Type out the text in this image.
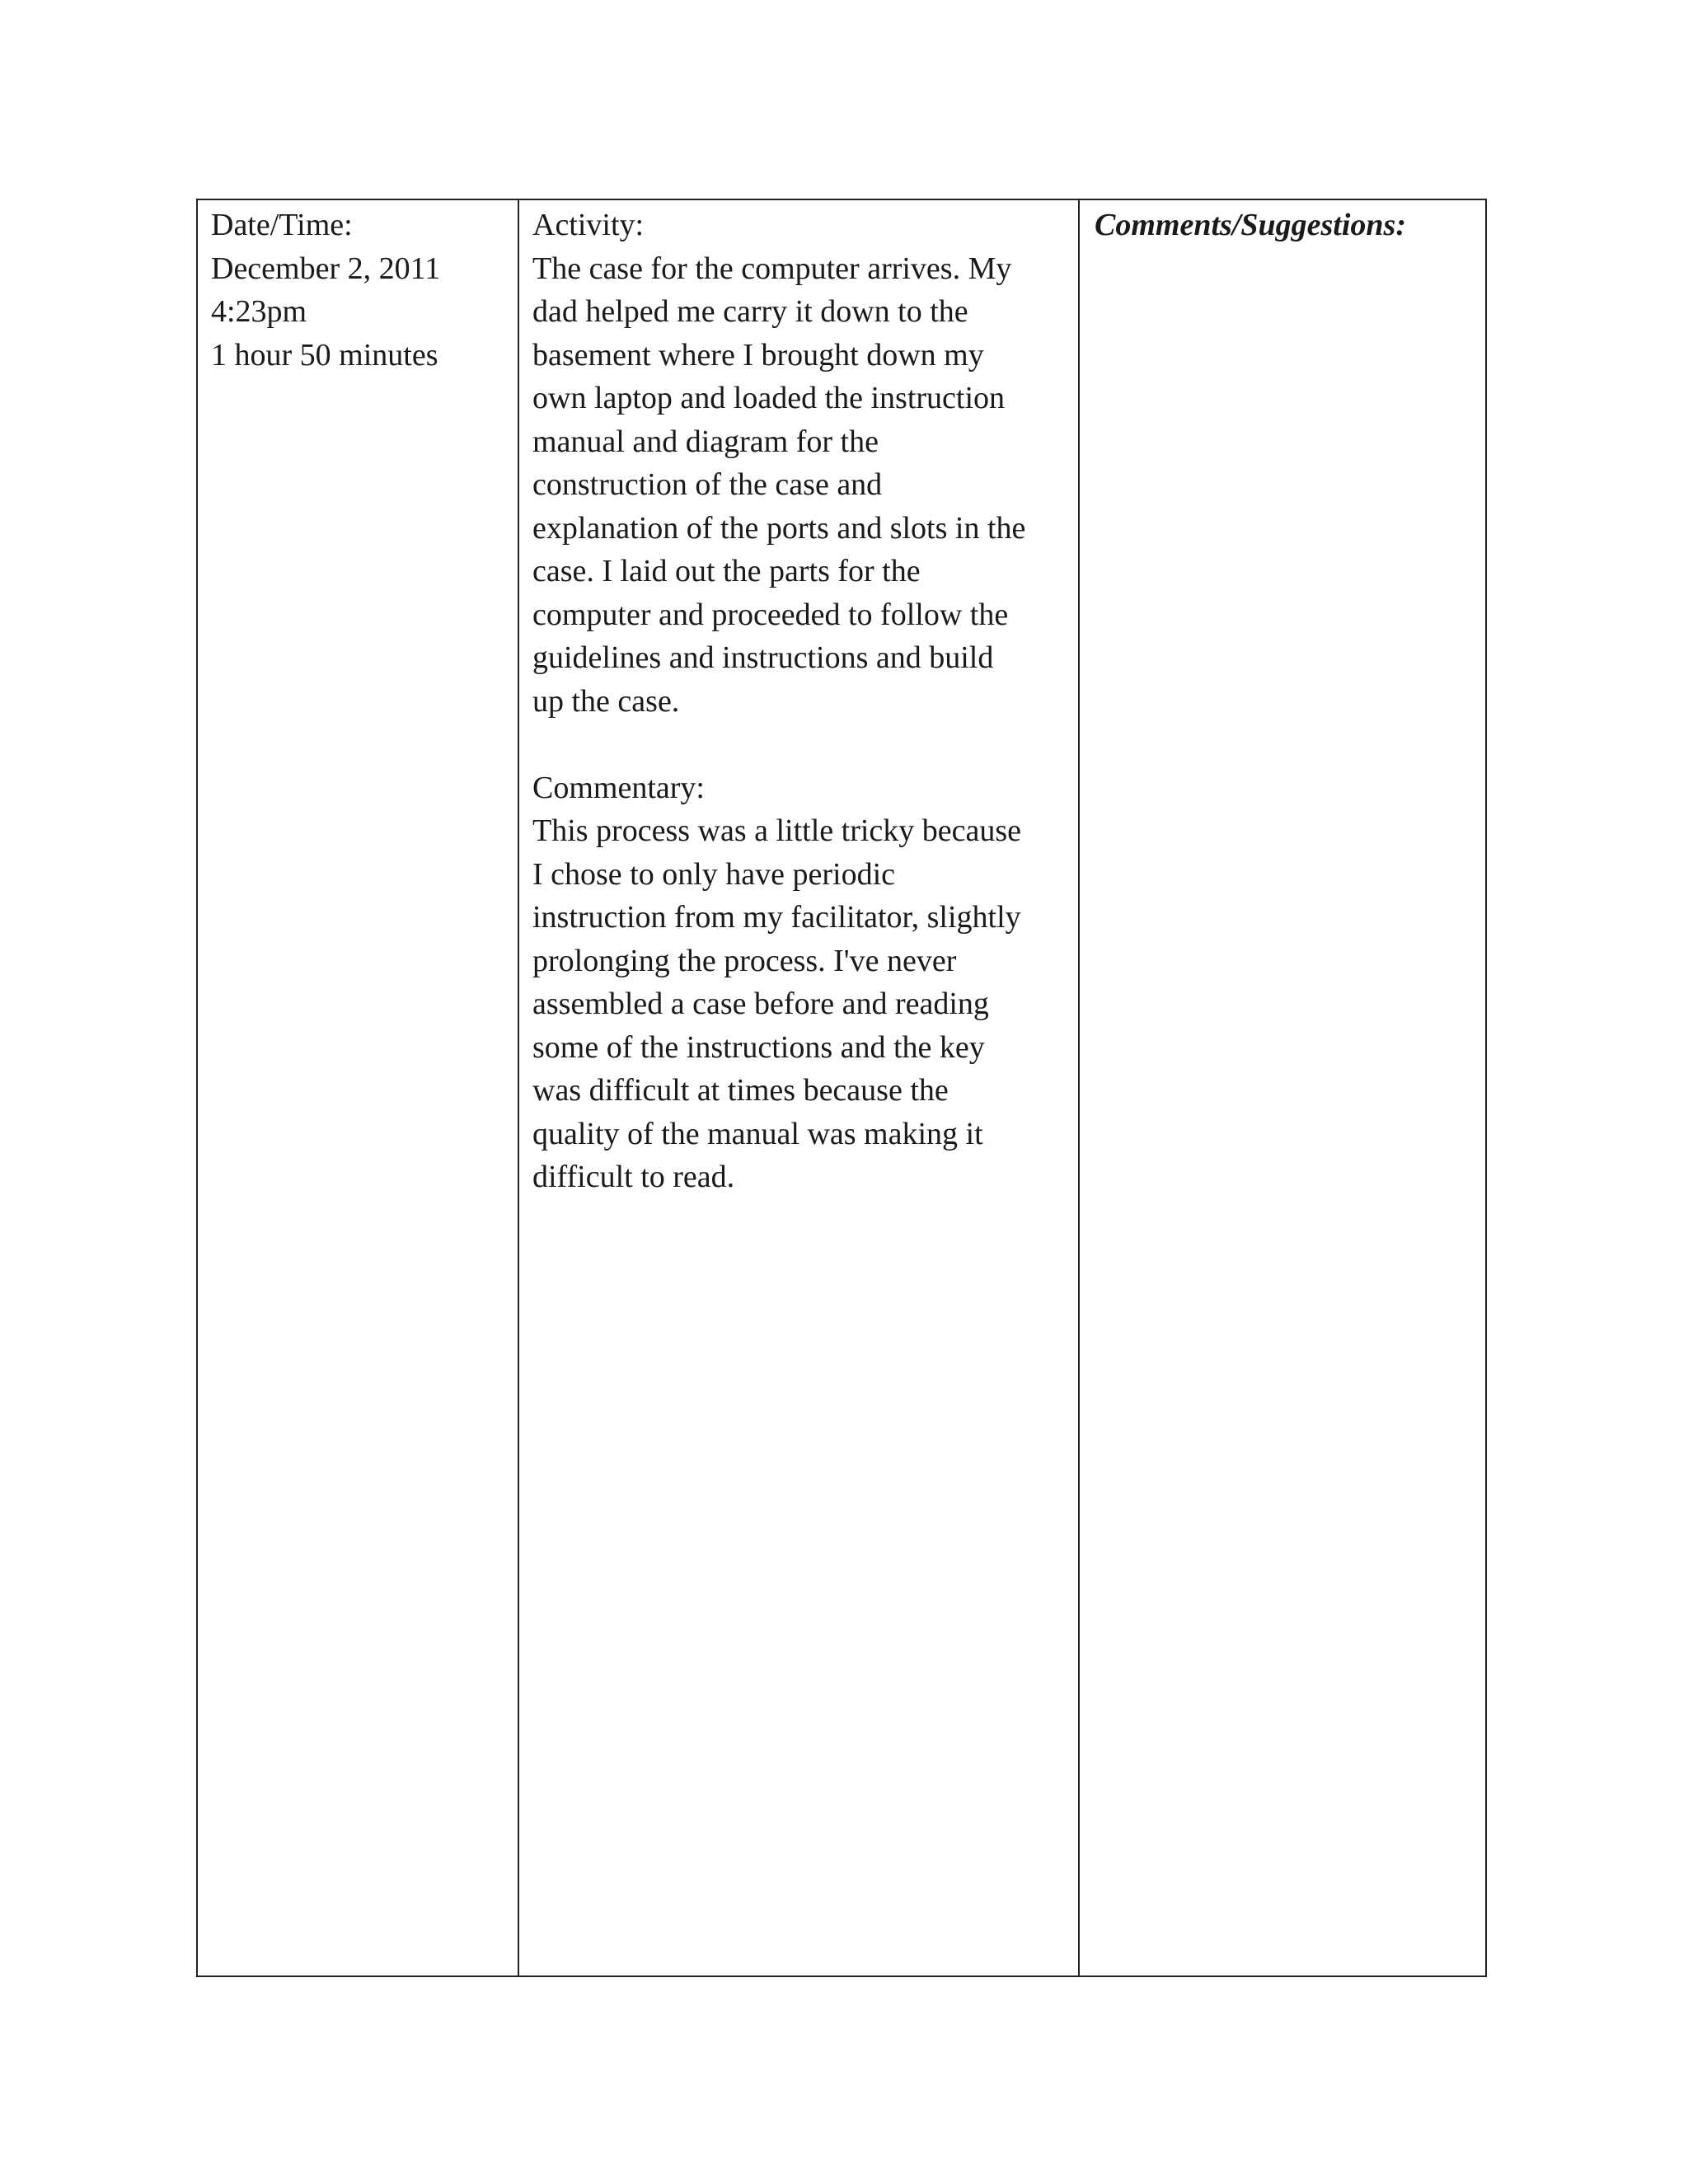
Date/Time:
December 2, 2011
4:23pm
1 hour 50 minutes
Activity:
The case for the computer arrives. My
dad helped me carry it down to the
basement where I brought down my
own laptop and loaded the instruction
manual and diagram for the
construction of the case and
explanation of the ports and slots in the
case. I laid out the parts for the
computer and proceeded to follow the
guidelines and instructions and build
up the case.
Commentary:
This process was a little tricky because
I chose to only have periodic
instruction from my facilitator, slightly
prolonging the process. I've never
assembled a case before and reading
some of the instructions and the key
was difficult at times because the
quality of the manual was making it
difficult to read.
Comments/Suggestions:
